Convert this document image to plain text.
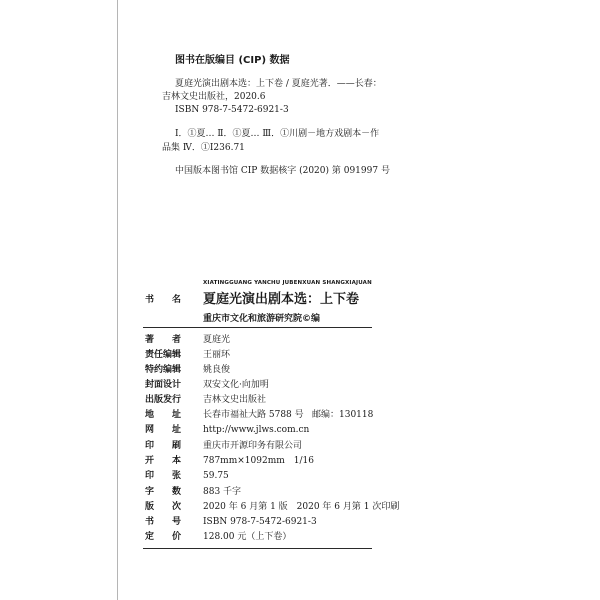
图书在版编目 (CIP) 数据
夏庭光演出剧本选：上下卷 / 夏庭光著．——长春：
吉林文史出版社，2020.6
ISBN 978-7-5472-6921-3
Ⅰ．①夏… Ⅱ．①夏… Ⅲ．①川剧－地方戏剧本－作
品集 Ⅳ．①I236.71
中国版本图书馆 CIP 数据核字 (2020) 第 091997 号
XIATINGGUANG YANCHU JUBENXUAN SHANGXIAJUAN
书　　名 夏庭光演出剧本选：上下卷
重庆市文化和旅游研究院©编
著　　者 夏庭光
责任编辑 王丽环
特约编辑 姚良俊
封面设计 双安文化·向加明
出版发行 吉林文史出版社
地　　址 长春市福祉大路 5788 号 邮编：130118
网　　址 http://www.jlws.com.cn
印　　刷 重庆市开源印务有限公司
开　　本 787mm×1092mm　1/16
印　　张 59.75
字　　数 883 千字
版　　次 2020 年 6 月第 1 版　2020 年 6 月第 1 次印刷
书　　号 ISBN 978-7-5472-6921-3
定　　价 128.00 元（上下卷）
